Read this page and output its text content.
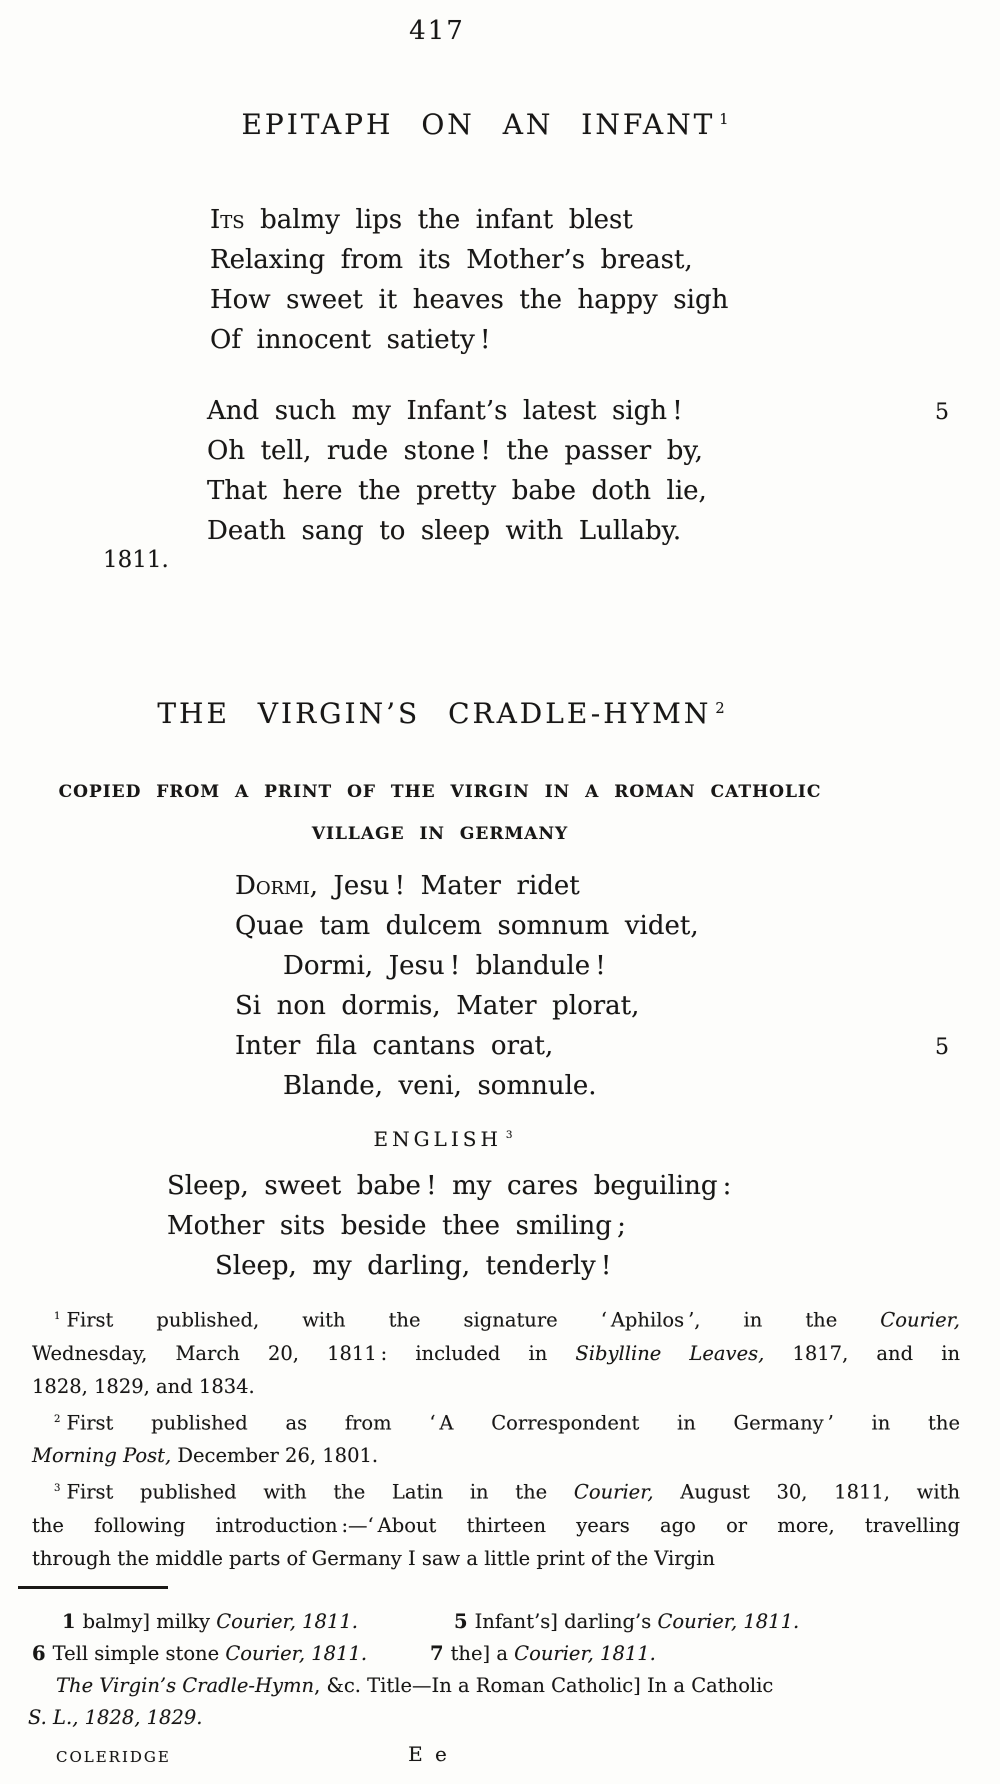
417
EPITAPH ON AN INFANT $^1$
Its balmy lips the infant blest
Relaxing from its Mother’s breast,
How sweet it heaves the happy sigh
Of innocent satiety !
And such my Infant’s latest sigh !	5
Oh tell, rude stone ! the passer by,
That here the pretty babe doth lie,
Death sang to sleep with Lullaby.
1811.
THE VIRGIN’S CRADLE-HYMN $^2$
COPIED FROM A PRINT OF THE VIRGIN IN A ROMAN CATHOLIC
VILLAGE IN GERMANY
Dormi, Jesu ! Mater ridet
Quae tam dulcem somnum videt,
Dormi, Jesu ! blandule !
Si non dormis, Mater plorat,
Inter fila cantans orat,	5
Blande, veni, somnule.
ENGLISH $^3$
Sleep, sweet babe ! my cares beguiling :
Mother sits beside thee smiling ;
Sleep, my darling, tenderly !

$^1$ First published, with the signature ‘ Aphilos ’, in the Courier,
Wednesday, March 20, 1811 : included in Sibylline Leaves, 1817, and in
1828, 1829, and 1834.

$^2$ First published as from ‘ A Correspondent in Germany ’ in the
Morning Post, December 26, 1801.

$^3$ First published with the Latin in the Courier, August 30, 1811, with
the following introduction :—‘ About thirteen years ago or more, travelling
through the middle parts of Germany I saw a little print of the Virgin

1 balmy] milky Courier, 1811.	5 Infant’s] darling’s Courier, 1811.
6 Tell simple stone Courier, 1811.	7 the] a Courier, 1811.
The Virgin’s Cradle-Hymn, &c. Title—In a Roman Catholic] In a Catholic
S. L., 1828, 1829.
COLERIDGE	E e
